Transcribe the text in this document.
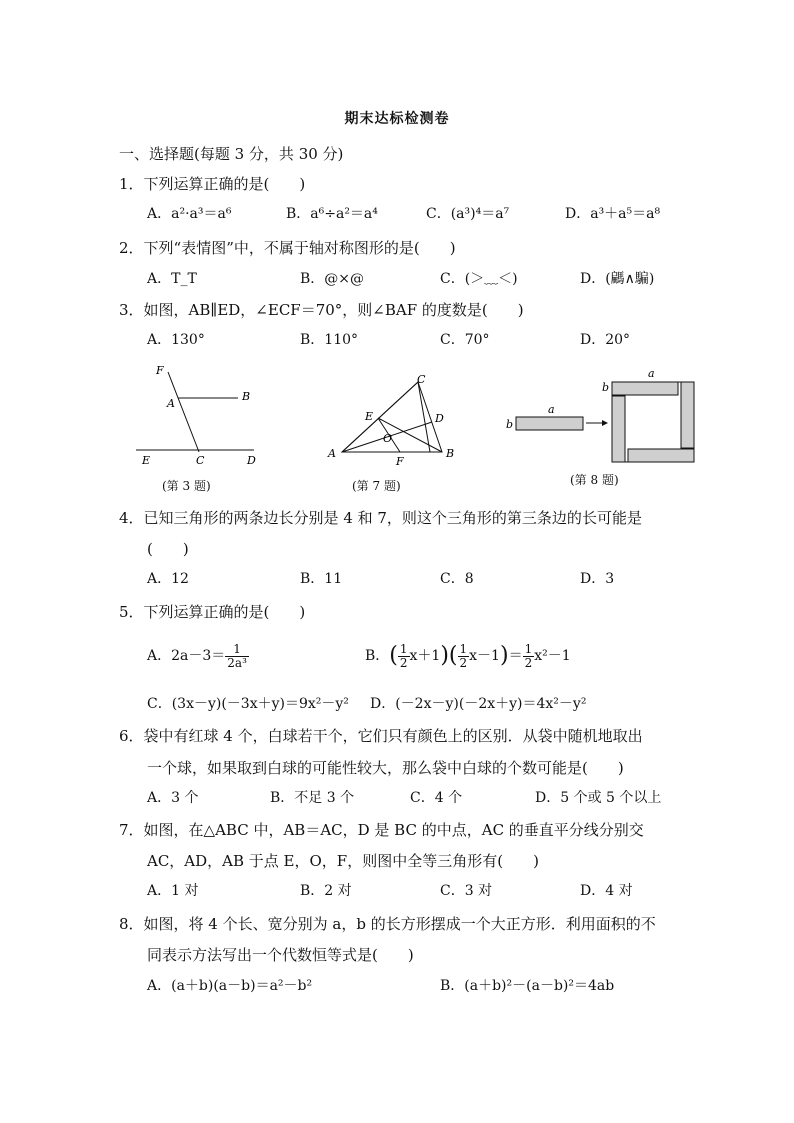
期末达标检测卷
一、选择题(每题 3 分，共 30 分)
1．下列运算正确的是(　　)
A．a²·a³＝a⁶	B．a⁶÷a²＝a⁴	C．(a³)⁴＝a⁷	D．a³＋a⁵＝a⁸
2．下列“表情图”中，不属于轴对称图形的是(　　)
A．T_T	B．@×@	C．(＞﹏＜)	D．(騗∧騙)
3．如图，AB∥ED，∠ECF＝70°，则∠BAF 的度数是(　　)
A．130°	B．110°	C．70°	D．20°
F
A
B
E	C	D
(第 3 题)
C
E	D
O
A
F
B
(第 7 题)
a
b
a
b
(第 8 题)
4．已知三角形的两条边长分别是 4 和 7，则这个三角形的第三条边的长可能是
(　　)
A．12	B．11	C．8	D．3
5．下列运算正确的是(　　)
A．$2a-3= \frac{1}{\text{2a³}}$	B．( $\frac{1}{2} x+1)( \frac{1}{2} x-1)= \frac{1}{2} x^2-1$
C．(3x－y)(－3x＋y)＝9x²－y² D．(－2x－y)(－2x＋y)＝4x²－y²
6．袋中有红球 4 个，白球若干个，它们只有颜色上的区别．从袋中随机地取出
一个球，如果取到白球的可能性较大，那么袋中白球的个数可能是(　　)
A．3 个	B．不足 3 个	C．4 个	D．5 个或 5 个以上
7．如图，在△ABC 中，AB＝AC，D 是 BC 的中点，AC 的垂直平分线分别交
AC，AD，AB 于点 E，O，F，则图中全等三角形有(　　)
A．1 对	B．2 对	C．3 对	D．4 对
8．如图，将 4 个长、宽分别为 a，b 的长方形摆成一个大正方形．利用面积的不
同表示方法写出一个代数恒等式是(　　)
A．(a＋b)(a－b)＝a²－b²	B．(a＋b)²－(a－b)²＝4ab
